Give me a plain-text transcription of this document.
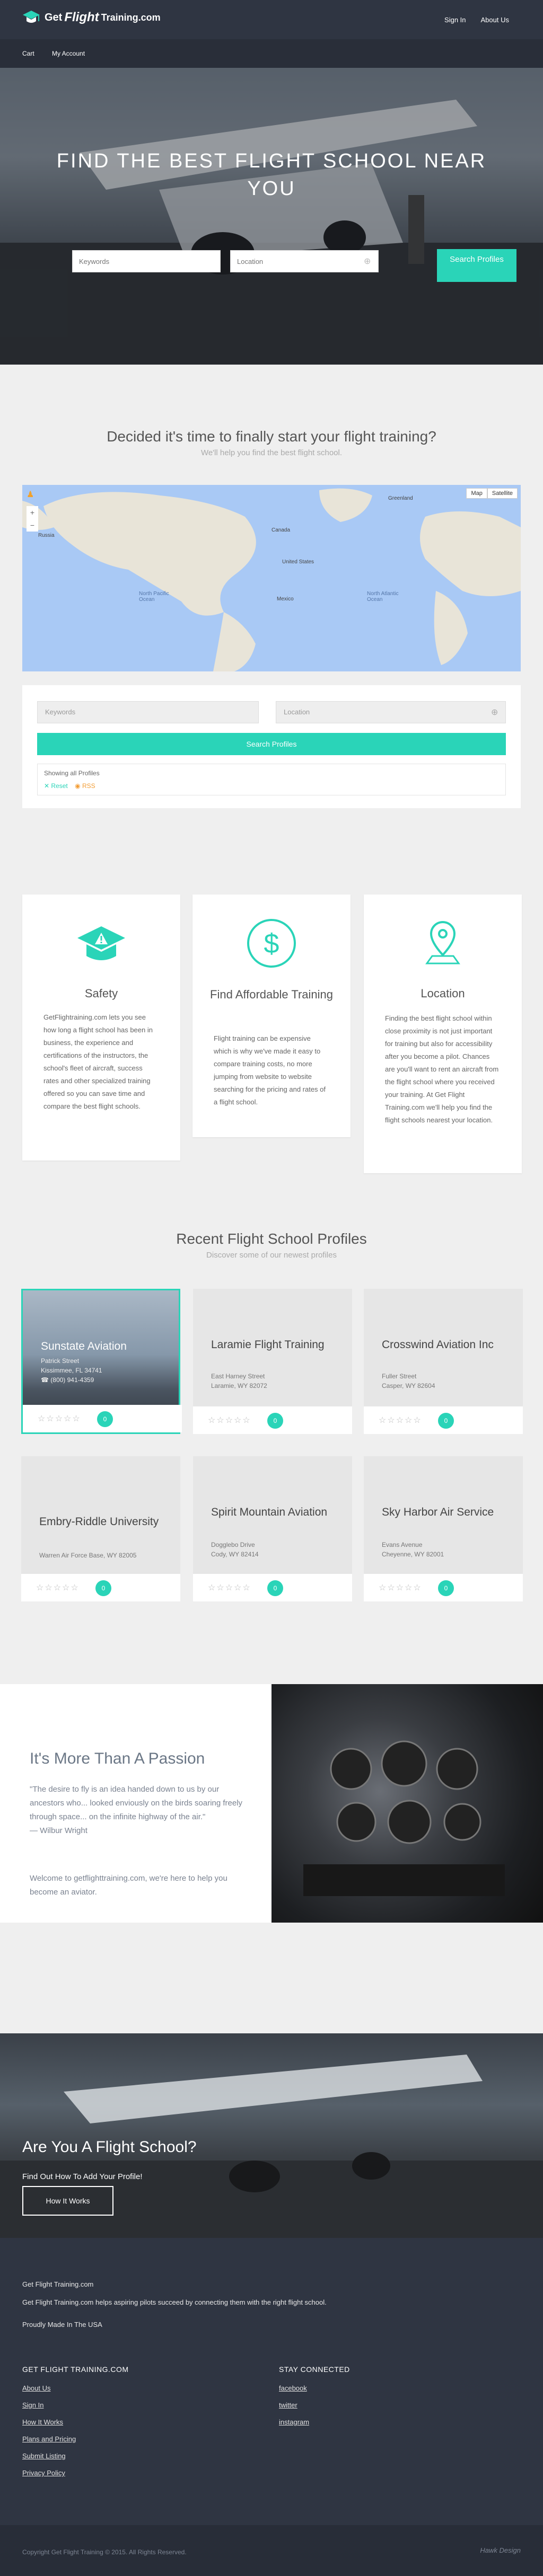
Get Flight Training.com	Sign In About Us
Cart	My Account
FIND THE BEST FLIGHT SCHOOL NEAR YOU
Keywords
Location
⊕	Search Profiles
Decided it's time to finally start your flight training?

We'll help you find the best flight school.

North Pacific Ocean
North Atlantic Ocean
United States
Canada
Mexico
Greenland
Russia
♟
+
−
Map	Satellite
Keywords	Location	⊕
Search Profiles
Showing all Profiles
✕ Reset ◉ RSS
Safety

GetFlightraining.com lets you see how long a flight school has been in business, the experience and certifications of the instructors, the school's fleet of aircraft, success rates and other specialized training offered so you can save time and compare the best flight schools.

$
Find Affordable Training

Flight training can be expensive which is why we've made it easy to compare training costs, no more jumping from website to website searching for the pricing and rates of a flight school.

Location

Finding the best flight school within close proximity is not just important for training but also for accessibility after you become a pilot. Chances are you'll want to rent an aircraft from the flight school where you received your training. At Get Flight Training.com we'll help you find the flight schools nearest your location.

Recent Flight School Profiles

Discover some of our newest profiles

Sunstate Aviation
Patrick Street
Kissimmee, FL 34741
☎ (800) 941-4359
☆☆☆☆☆	0
Laramie Flight Training
East Harney Street
Laramie, WY 82072
☆☆☆☆☆	0
Crosswind Aviation Inc
Fuller Street
Casper, WY 82604
☆☆☆☆☆	0
Embry-Riddle University
Warren Air Force Base, WY 82005
☆☆☆☆☆	0
Spirit Mountain Aviation
Dogglebo Drive
Cody, WY 82414
☆☆☆☆☆	0
Sky Harbor Air Service
Evans Avenue
Cheyenne, WY 82001
☆☆☆☆☆	0
It's More Than A Passion
"The desire to fly is an idea handed down to us by our ancestors who... looked enviously on the birds soaring freely through space... on the infinite highway of the air."
— Wilbur Wright
Welcome to getflighttraining.com, we're here to help you become an aviator.
Are You A Flight School?
Find Out How To Add Your Profile!
How It Works
Get Flight Training.com
Get Flight Training.com helps aspiring pilots succeed by connecting them with the right flight school.
Proudly Made In The USA
GET FLIGHT TRAINING.COM
About Us
Sign In
How It Works
Plans and Pricing
Submit Listing
Privacy Policy
STAY CONNECTED
facebook
twitter
instagram
Copyright Get Flight Training © 2015. All Rights Reserved.	Hawk Design
